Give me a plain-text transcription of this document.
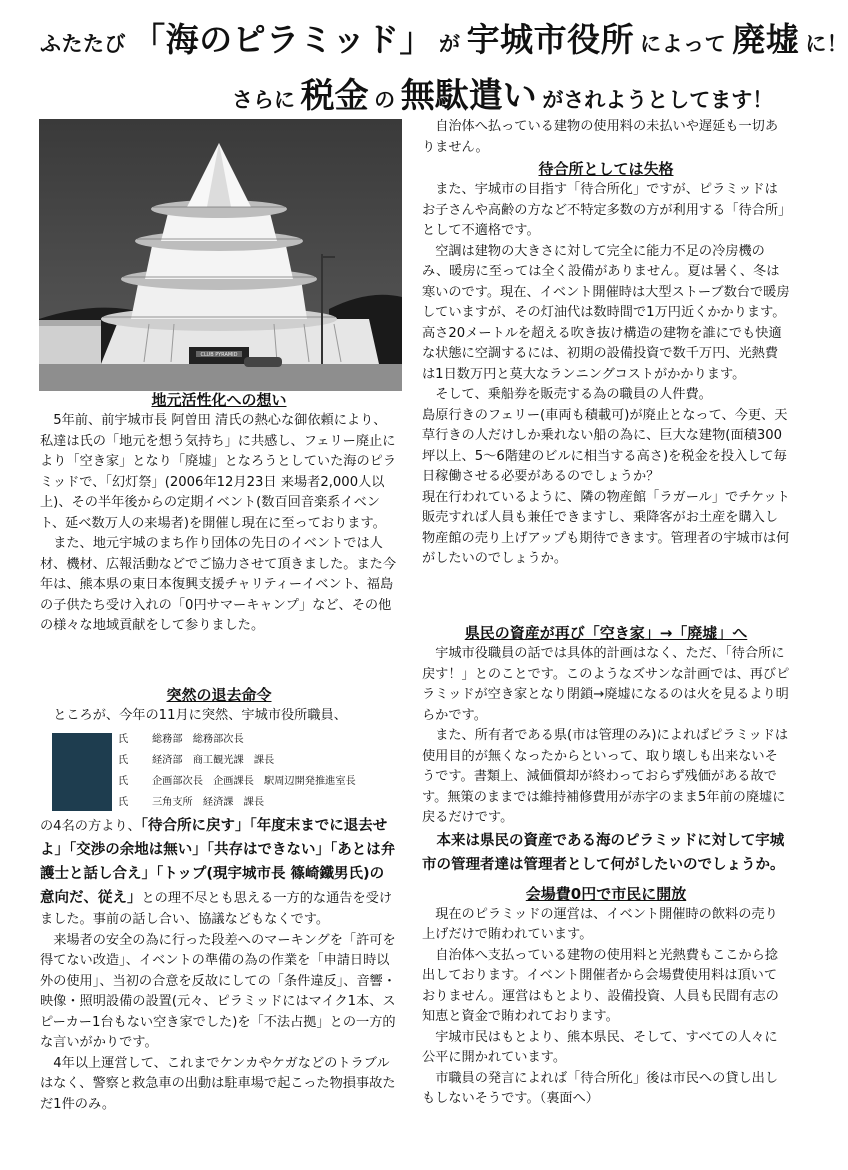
ふたたび 「海のピラミッド」 が 宇城市役所 によって 廃墟 に！
さらに 税金 の 無駄遣い がされようとしてます！
CLUB PYRAMID

地元活性化への想い

5年前、前宇城市長 阿曽田 清氏の熱心な御依頼により、私達は氏の「地元を想う気持ち」に共感し、フェリー廃止により「空き家」となり「廃墟」となろうとしていた海のピラミッドで、「幻灯祭」(2006年12月23日 来場者2,000人以上)、その半年後からの定期イベント(数百回音楽系イベント、延べ数万人の来場者)を開催し現在に至っております。

また、地元宇城のまち作り団体の先日のイベントでは人材、機材、広報活動などでご協力させて頂きました。また今年は、熊本県の東日本復興支援チャリティーイベント、福島の子供たち受け入れの「0円サマーキャンプ」など、その他の様々な地域貢献をして参りました。

突然の退去命令

ところが、今年の11月に突然、宇城市役所職員、

氏 総務部　総務部次長
氏 経済部　商工観光課　課長
氏 企画部次長　企画課長　駅周辺開発推進室長
氏 三角支所　経済課　課長

の4名の方より、「待合所に戻す」「年度末までに退去せよ」「交渉の余地は無い」「共存はできない」「あとは弁護士と話し合え」「トップ(現宇城市長 篠崎鐵男氏)の意向だ、従え」との理不尽とも思える一方的な通告を受けました。事前の話し合い、協議などもなくです。

来場者の安全の為に行った段差へのマーキングを「許可を得てない改造」、イベントの準備の為の作業を「申請日時以外の使用」、当初の合意を反故にしての「条件違反」、音響・映像・照明設備の設置(元々、ピラミッドにはマイク1本、スピーカー1台もない空き家でした)を「不法占拠」との一方的な言いがかりです。

4年以上運営して、これまでケンカやケガなどのトラブルはなく、警察と救急車の出動は駐車場で起こった物損事故ただ1件のみ。

自治体へ払っている建物の使用料の未払いや遅延も一切ありません。

待合所としては失格

また、宇城市の目指す「待合所化」ですが、ピラミッドはお子さんや高齢の方など不特定多数の方が利用する「待合所」として不適格です。

空調は建物の大きさに対して完全に能力不足の冷房機のみ、暖房に至っては全く設備がありません。夏は暑く、冬は寒いのです。現在、イベント開催時は大型ストーブ数台で暖房していますが、その灯油代は数時間で1万円近くかかります。高さ20メートルを超える吹き抜け構造の建物を誰にでも快適な状態に空調するには、初期の設備投資で数千万円、光熱費は1日数万円と莫大なランニングコストがかかります。

そして、乗船券を販売する為の職員の人件費。

島原行きのフェリー(車両も積載可)が廃止となって、今更、天草行きの人だけしか乗れない船の為に、巨大な建物(面積300坪以上、5〜6階建のビルに相当する高さ)を税金を投入して毎日稼働させる必要があるのでしょうか？

現在行われているように、隣の物産館「ラガール」でチケット販売すれば人員も兼任できますし、乗降客がお土産を購入し物産館の売り上げアップも期待できます。管理者の宇城市は何がしたいのでしょうか。

県民の資産が再び「空き家」→「廃墟」へ

宇城市役職員の話では具体的計画はなく、ただ、「待合所に戻す！」とのことです。このようなズサンな計画では、再びピラミッドが空き家となり閉鎖→廃墟になるのは火を見るより明らかです。

また、所有者である県(市は管理のみ)によればピラミッドは使用目的が無くなったからといって、取り壊しも出来ないそうです。書類上、減価償却が終わっておらず残価がある故です。無策のままでは維持補修費用が赤字のまま5年前の廃墟に戻るだけです。

本来は県民の資産である海のピラミッドに対して宇城市の管理者達は管理者として何がしたいのでしょうか。

会場費0円で市民に開放

現在のピラミッドの運営は、イベント開催時の飲料の売り上げだけで賄われています。

自治体へ支払っている建物の使用料と光熱費もここから捻出しております。イベント開催者から会場費使用料は頂いておりません。運営はもとより、設備投資、人員も民間有志の知恵と資金で賄われております。

宇城市民はもとより、熊本県民、そして、すべての人々に公平に開かれています。

市職員の発言によれば「待合所化」後は市民への貸し出しもしないそうです。（裏面へ）
